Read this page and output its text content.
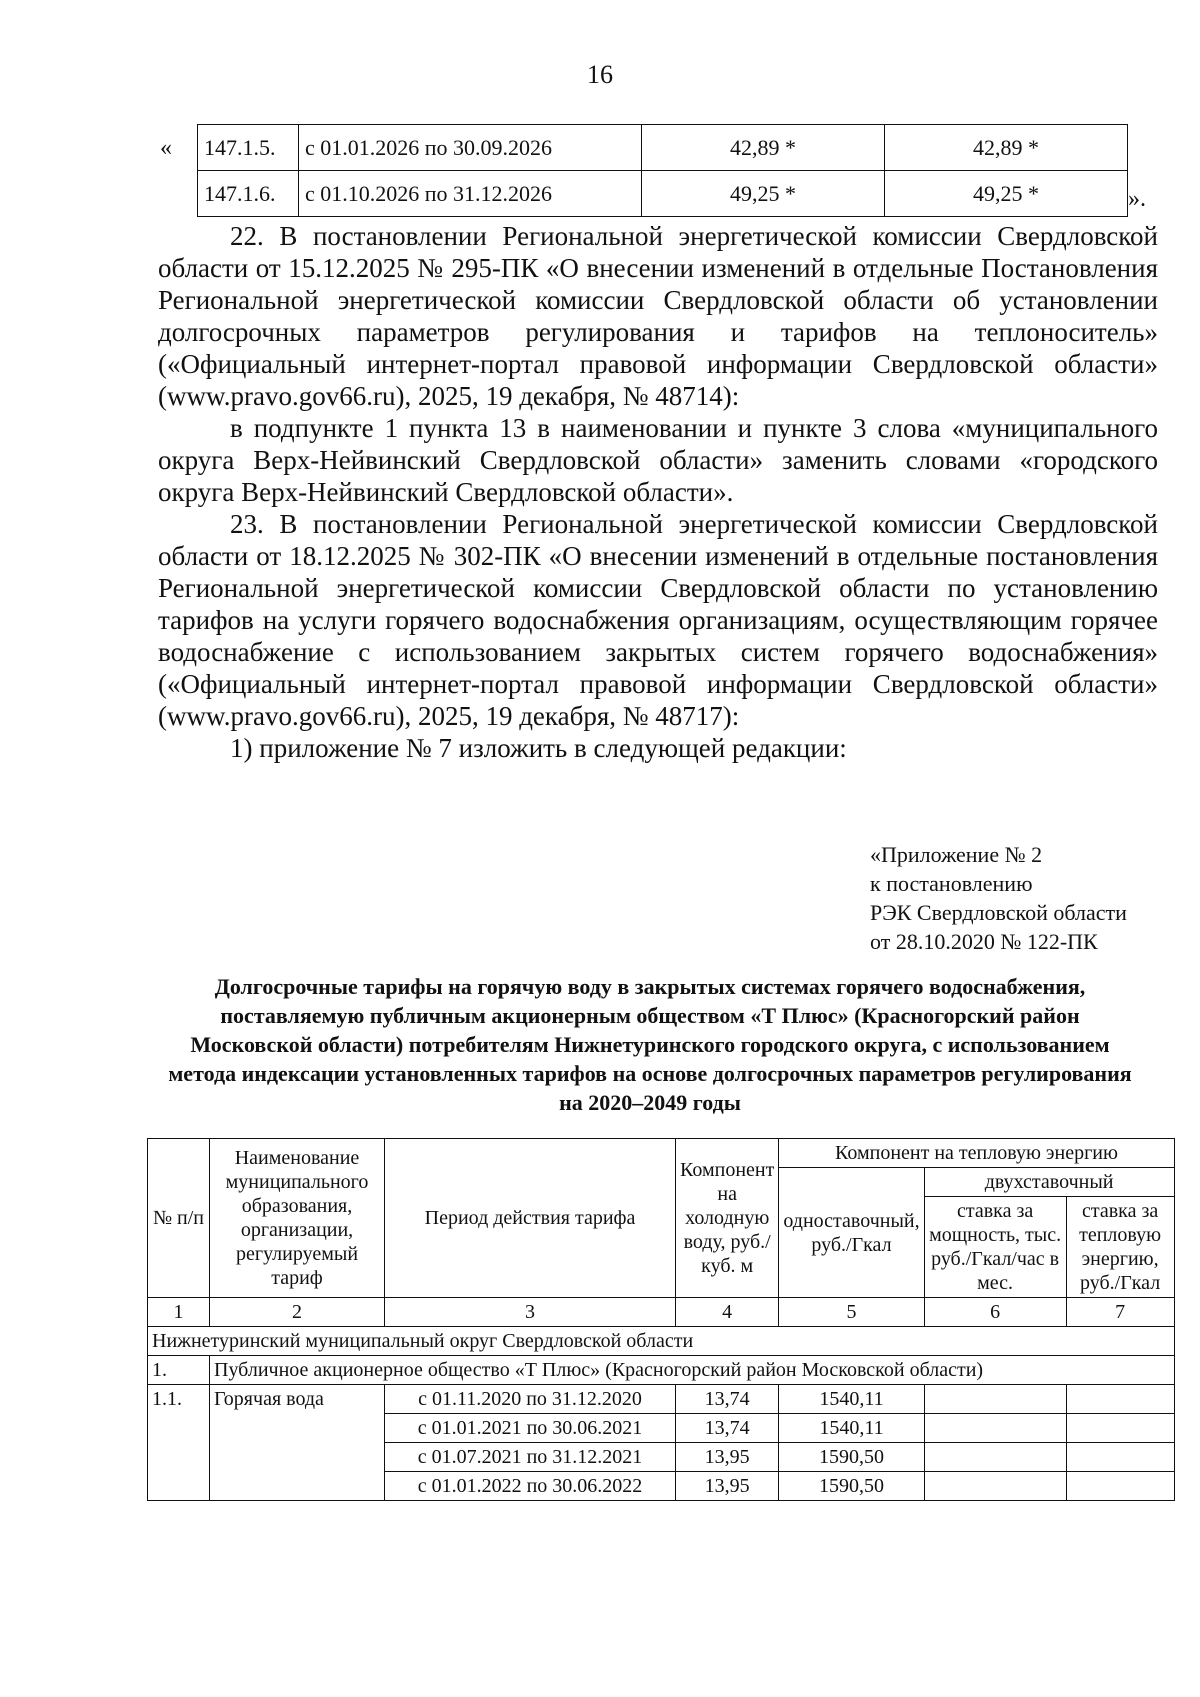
16
« 147.1.5.	с 01.01.2026 по 30.09.2026	42,89 *	42,89 *
147.1.6.	с 01.10.2026 по 31.12.2026	49,25 *	49,25 *	».

22. В постановлении Региональной энергетической комиссии Свердловской области от 15.12.2025 № 295-ПК «О внесении изменений в отдельные Постановления Региональной энергетической комиссии Свердловской области об установлении долгосрочных параметров регулирования и тарифов на теплоноситель» («Официальный интернет-портал правовой информации Свердловской области» (www.pravo.gov66.ru), 2025, 19 декабря, № 48714):

в подпункте 1 пункта 13 в наименовании и пункте 3 слова «муниципального округа Верх-Нейвинский Свердловской области» заменить словами «городского округа Верх-Нейвинский Свердловской области».

23. В постановлении Региональной энергетической комиссии Свердловской области от 18.12.2025 № 302-ПК «О внесении изменений в отдельные постановления Региональной энергетической комиссии Свердловской области по установлению тарифов на услуги горячего водоснабжения организациям, осуществляющим горячее водоснабжение с использованием закрытых систем горячего водоснабжения» («Официальный интернет-портал правовой информации Свердловской области» (www.pravo.gov66.ru), 2025, 19 декабря, № 48717):

1) приложение № 7 изложить в следующей редакции:

«Приложение № 2
к постановлению
РЭК Свердловской области
от 28.10.2020 № 122-ПК
Долгосрочные тарифы на горячую воду в закрытых системах горячего водоснабжения, поставляемую публичным акционерным обществом «Т Плюс» (Красногорский район Московской области) потребителям Нижнетуринского городского округа, с использованием метода индексации установленных тарифов на основе долгосрочных параметров регулирования на 2020–2049 годы
№ п/п	Наименование муниципального образования, организации, регулируемый тариф	Период действия тарифа	Компонент на холодную воду, руб./куб. м	Компонент на тепловую энергию		
				одноставочный, руб./Гкал	двухставочный	
					ставка за мощность, тыс. руб./Гкал/час в мес.	ставка за тепловую энергию, руб./Гкал
1	2	3	4	5	6	7
Нижнетуринский муниципальный округ Свердловской области						
1.	Публичное акционерное общество «Т Плюс» (Красногорский район Московской области)					
1.1.	Горячая вода	с 01.11.2020 по 31.12.2020	13,74	1540,11		
		с 01.01.2021 по 30.06.2021	13,74	1540,11		
		с 01.07.2021 по 31.12.2021	13,95	1590,50		
		с 01.01.2022 по 30.06.2022	13,95	1590,50		
